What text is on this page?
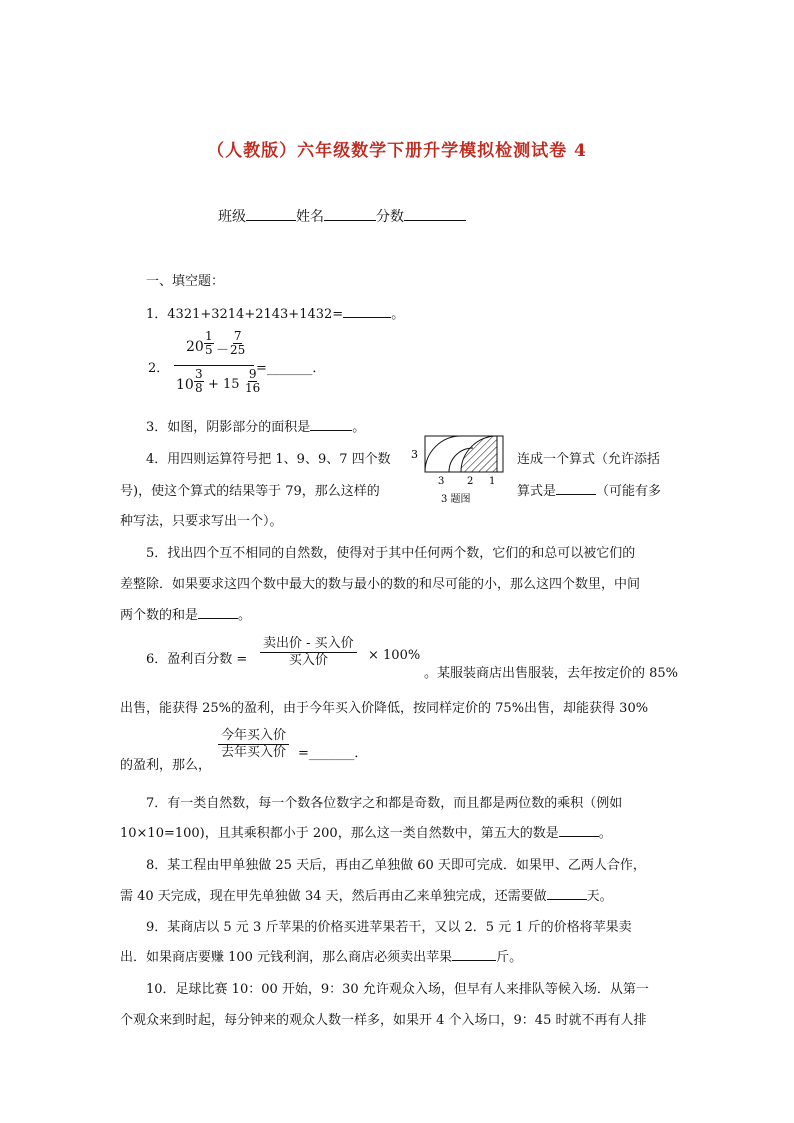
（人教版）六年级数学下册升学模拟检测试卷 4
班级	姓名	分数
一、填空题：
1．4321+3214+2143+1432=	。
2．
$20 \frac{1}{5} - \frac{7}{25}$
$10 \frac{3}{8} + 15 \frac{9}{16}$
=_______．
3．如图，阴影部分的面积是	。
4．用四则运算符号把 1、9、9、7 四个数	连成一个算式（允许添括
号)，使这个算式的结果等于 79，那么这样的	算式是	（可能有多
种写法，只要求写出一个）。
3
3 2 1
3 题图
5．找出四个互不相同的自然数，使得对于其中任何两个数，它们的和总可以被它们的
差整除．如果要求这四个数中最大的数与最小的数的和尽可能的小，那么这四个数里，中间
两个数的和是	。
6．盈利百分数 =
卖出价 - 买入价
买入价	× 100%
。某服装商店出售服装，去年按定价的 85%
出售，能获得 25%的盈利，由于今年买入价降低，按同样定价的 75%出售，却能获得 30%
的盈利，那么，
今年买入价
去年买入价 =_______．
7．有一类自然数，每一个数各位数字之和都是奇数，而且都是两位数的乘积（例如
10×10=100)，且其乘积都小于 200，那么这一类自然数中，第五大的数是	。
8．某工程由甲单独做 25 天后，再由乙单独做 60 天即可完成．如果甲、乙两人合作，
需 40 天完成，现在甲先单独做 34 天，然后再由乙来单独完成，还需要做	天。
9．某商店以 5 元 3 斤苹果的价格买进苹果若干，又以 2．5 元 1 斤的价格将苹果卖
出．如果商店要赚 100 元钱利润，那么商店必须卖出苹果	斤。
10．足球比赛 10：00 开始，9：30 允许观众入场，但早有人来排队等候入场．从第一
个观众来到时起，每分钟来的观众人数一样多，如果开 4 个入场口，9：45 时就不再有人排
